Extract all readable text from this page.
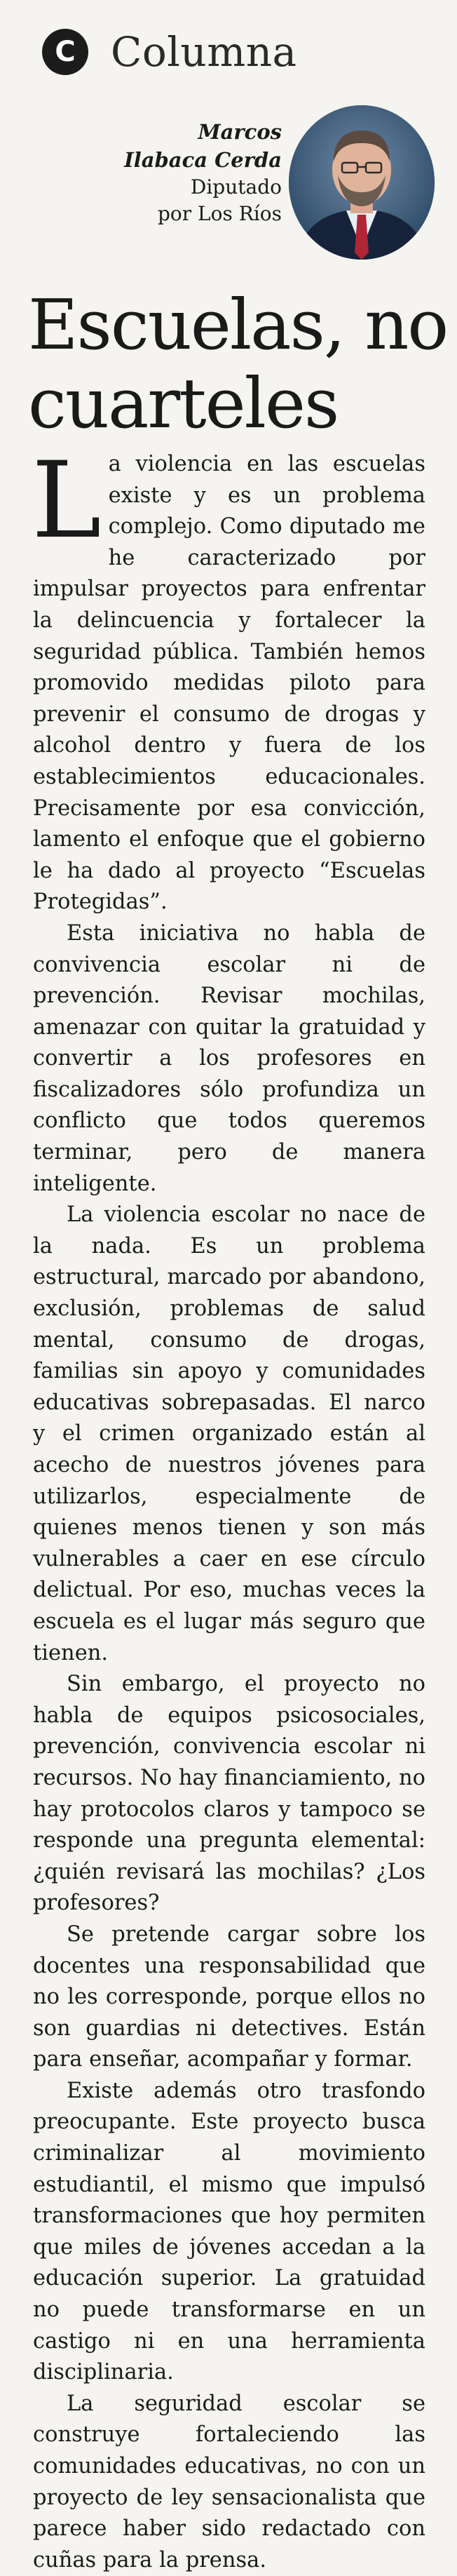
C Columna
Marcos
Ilabaca Cerda
Diputado
por Los Ríos
Escuelas, no
cuarteles

La violencia en las escuelas existe y es un problema complejo. Como diputado me he caracterizado por impulsar proyectos para enfrentar la delincuencia y fortalecer la seguridad pública. También hemos promovido medidas piloto para prevenir el consumo de drogas y alcohol dentro y fuera de los establecimientos educacionales. Precisamente por esa convicción, lamento el enfoque que el gobierno le ha dado al proyecto “Escuelas Protegidas”.

Esta iniciativa no habla de convivencia escolar ni de prevención. Revisar mochilas, amenazar con quitar la gratuidad y convertir a los profesores en fiscalizadores sólo profundiza un conflicto que todos queremos terminar, pero de manera inteligente.

La violencia escolar no nace de la nada. Es un problema estructural, marcado por abandono, exclusión, problemas de salud mental, consumo de drogas, familias sin apoyo y comunidades educativas sobrepasadas. El narco y el crimen organizado están al acecho de nuestros jóvenes para utilizarlos, especialmente de quienes menos tienen y son más vulnerables a caer en ese círculo delictual. Por eso, muchas veces la escuela es el lugar más seguro que tienen.

Sin embargo, el proyecto no habla de equipos psicosociales, prevención, convivencia escolar ni recursos. No hay financiamiento, no hay protocolos claros y tampoco se responde una pregunta elemental: ¿quién revisará las mochilas? ¿Los profesores?

Se pretende cargar sobre los docentes una responsabilidad que no les corresponde, porque ellos no son guardias ni detectives. Están para enseñar, acompañar y formar.

Existe además otro trasfondo preocupante. Este proyecto busca criminalizar al movimiento estudiantil, el mismo que impulsó transformaciones que hoy permiten que miles de jóvenes accedan a la educación superior. La gratuidad no puede transformarse en un castigo ni en una herramienta disciplinaria.

La seguridad escolar se construye fortaleciendo las comunidades educativas, no con un proyecto de ley sensacionalista que parece haber sido redactado con cuñas para la prensa.
